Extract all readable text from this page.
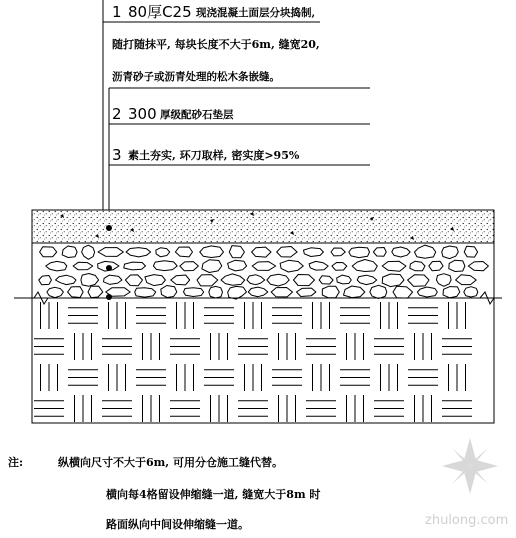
1 80厚C25 现浇混凝土面层分块捣制,
随打随抹平, 每块长度不大于6m, 缝宽20,
沥青砂子或沥青处理的松木条嵌缝。
2 300 厚级配砂石垫层
3 素土夯实, 环刀取样, 密实度>95%
注:	纵横向尺寸不大于6m, 可用分仓施工缝代替。
横向每4格留设伸缩缝一道, 缝宽大于8m 时
路面纵向中间设伸缩缝一道。	zhulong.com
